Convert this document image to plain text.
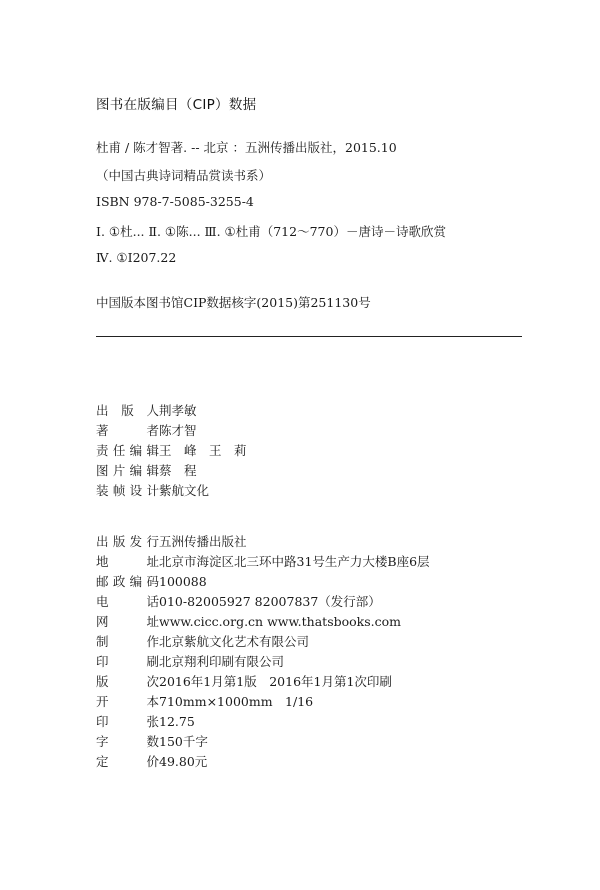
图书在版编目（CIP）数据
杜甫 / 陈才智著. -- 北京 ：五洲传播出版社，2015.10
（中国古典诗词精品赏读书系）
ISBN 978-7-5085-3255-4
Ⅰ. ①杜... Ⅱ. ①陈... Ⅲ. ①杜甫（712～770）－唐诗－诗歌欣赏
Ⅳ. ①I207.22
中国版本图书馆CIP数据核字(2015)第251130号
出 版 人 荆孝敏
著 者 陈才智
责任编辑 王　峰　王　莉
图片编辑 蔡　程
装帧设计 紫航文化
出版发行 五洲传播出版社
地 址 北京市海淀区北三环中路31号生产力大楼B座6层
邮政编码 100088
电 话 010-82005927 82007837（发行部）
网 址 www.cicc.org.cn www.thatsbooks.com
制 作 北京紫航文化艺术有限公司
印 刷 北京翔利印刷有限公司
版 次 2016年1月第1版　2016年1月第1次印刷
开 本 710mm×1000mm　1/16
印 张 12.75
字 数 150千字
定 价 49.80元
